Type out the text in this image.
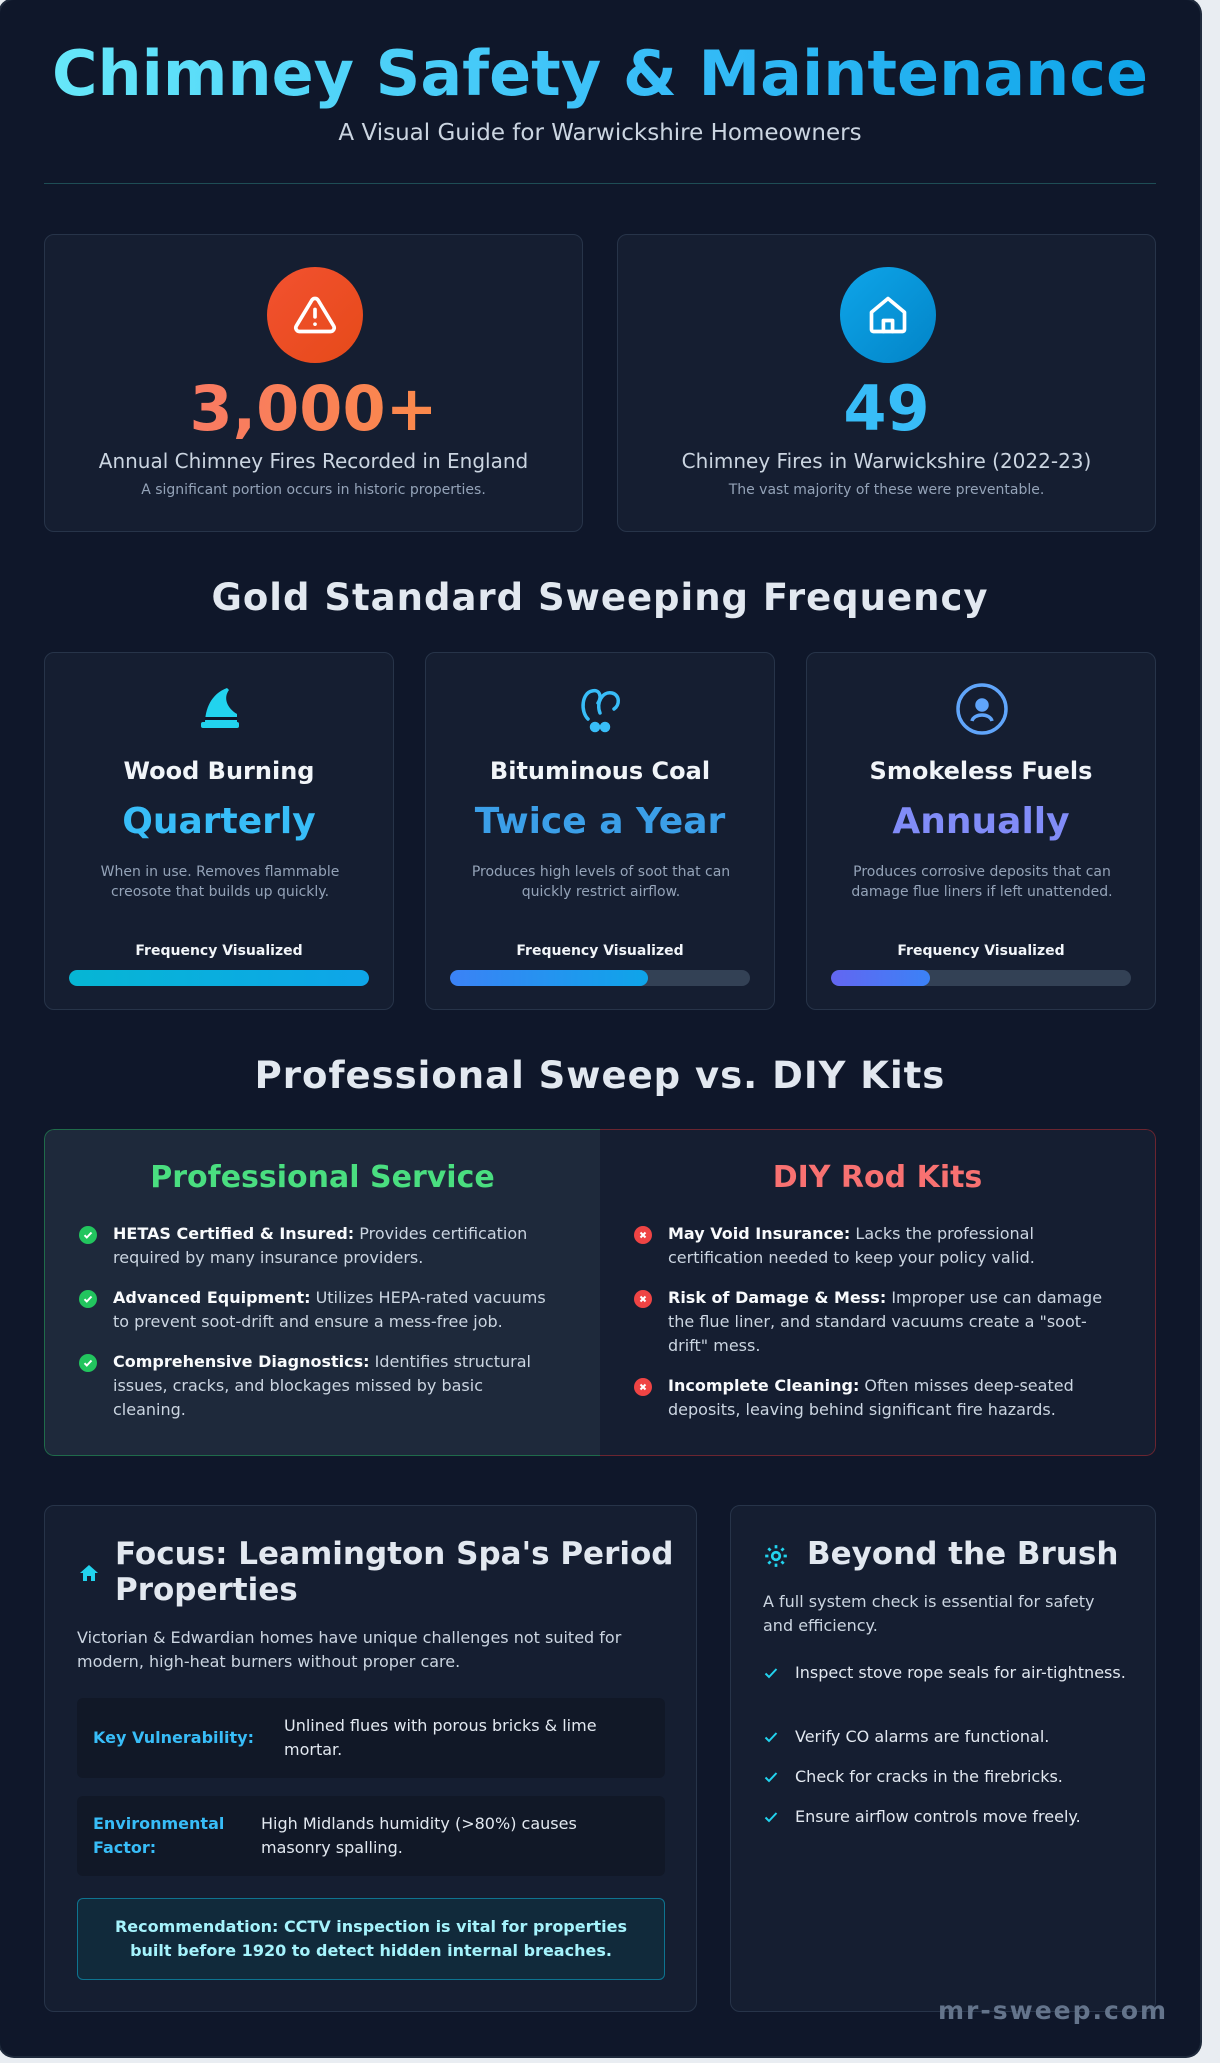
Chimney Safety & Maintenance
A Visual Guide for Warwickshire Homeowners
3,000+
Annual Chimney Fires Recorded in England
A significant portion occurs in historic properties.
49
Chimney Fires in Warwickshire (2022-23)
The vast majority of these were preventable.
Gold Standard Sweeping Frequency
Wood Burning
Quarterly
When in use. Removes flammable creosote that builds up quickly.
Frequency Visualized
Bituminous Coal
Twice a Year
Produces high levels of soot that can quickly restrict airflow.
Frequency Visualized
Smokeless Fuels
Annually
Produces corrosive deposits that can damage flue liners if left unattended.
Frequency Visualized
Professional Sweep vs. DIY Kits
Professional Service
HETAS Certified & Insured: Provides certification required by many insurance providers.
Advanced Equipment: Utilizes HEPA-rated vacuums to prevent soot-drift and ensure a mess-free job.
Comprehensive Diagnostics: Identifies structural issues, cracks, and blockages missed by basic cleaning.
DIY Rod Kits
May Void Insurance: Lacks the professional certification needed to keep your policy valid.
Risk of Damage & Mess: Improper use can damage the flue liner, and standard vacuums create a "soot-drift" mess.
Incomplete Cleaning: Often misses deep-seated deposits, leaving behind significant fire hazards.
Focus: Leamington Spa's Period Properties
Victorian & Edwardian homes have unique challenges not suited for modern, high-heat burners without proper care.
Key Vulnerability:
Unlined flues with porous bricks & lime mortar.
Environmental Factor:
High Midlands humidity (>80%) causes masonry spalling.
Recommendation: CCTV inspection is vital for properties built before 1920 to detect hidden internal breaches.
Beyond the Brush
A full system check is essential for safety and efficiency.
Inspect stove rope seals for air-tightness.
Verify CO alarms are functional.
Check for cracks in the firebricks.
Ensure airflow controls move freely.
mr-sweep.com
